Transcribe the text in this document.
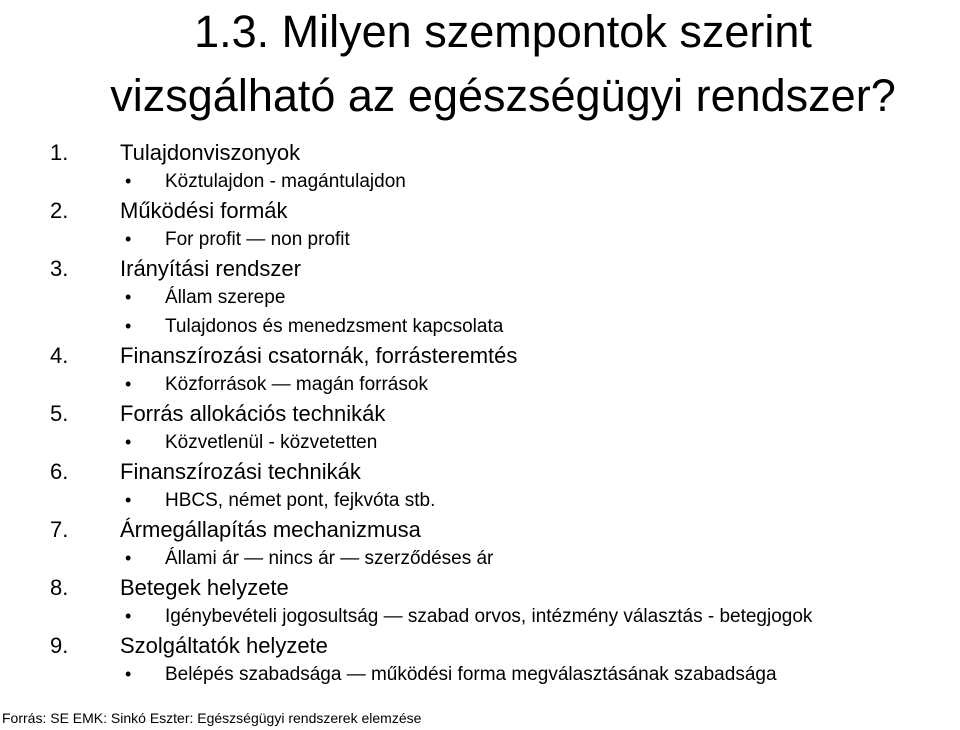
1.3. Milyen szempontok szerint
vizsgálható az egészségügyi rendszer?
1. Tulajdonviszonyok
• Köztulajdon - magántulajdon
2. Működési formák
• For profit — non profit
3. Irányítási rendszer
• Állam szerepe
• Tulajdonos és menedzsment kapcsolata
4. Finanszírozási csatornák, forrásteremtés
• Közforrások — magán források
5. Forrás allokációs technikák
• Közvetlenül - közvetetten
6. Finanszírozási technikák
• HBCS, német pont, fejkvóta stb.
7. Ármegállapítás mechanizmusa
• Állami ár — nincs ár — szerződéses ár
8. Betegek helyzete
• Igénybevételi jogosultság — szabad orvos, intézmény választás - betegjogok
9. Szolgáltatók helyzete
• Belépés szabadsága — működési forma megválasztásának szabadsága
Forrás: SE EMK: Sinkó Eszter: Egészségügyi rendszerek elemzése
